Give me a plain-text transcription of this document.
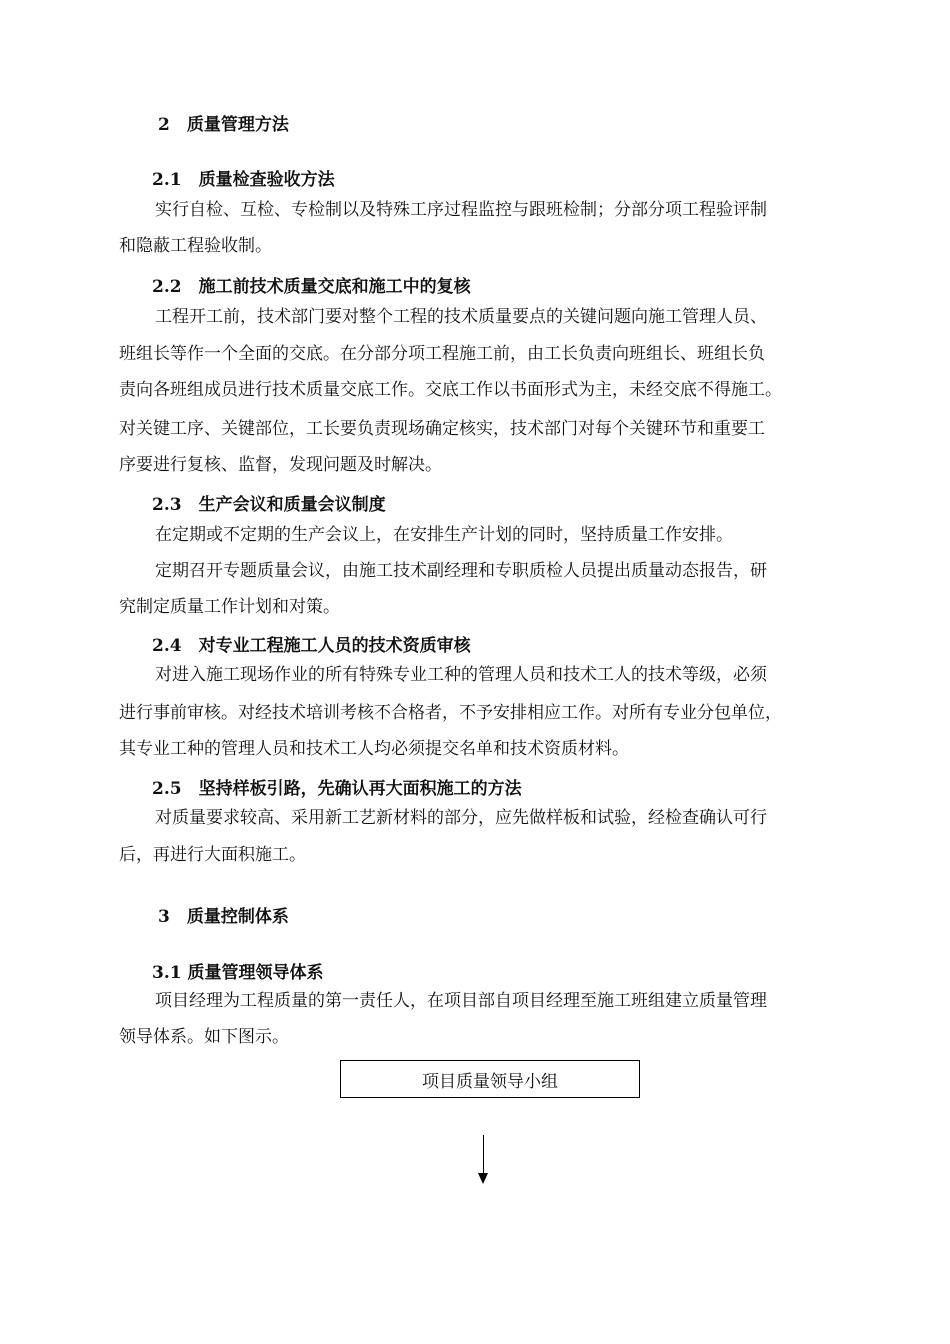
2　质量管理方法
2.1　质量检查验收方法
实行自检、互检、专检制以及特殊工序过程监控与跟班检制；分部分项工程验评制
和隐蔽工程验收制。
2.2　施工前技术质量交底和施工中的复核
工程开工前，技术部门要对整个工程的技术质量要点的关键问题向施工管理人员、
班组长等作一个全面的交底。在分部分项工程施工前，由工长负责向班组长、班组长负
责向各班组成员进行技术质量交底工作。交底工作以书面形式为主，未经交底不得施工。
对关键工序、关键部位，工长要负责现场确定核实，技术部门对每个关键环节和重要工
序要进行复核、监督，发现问题及时解决。
2.3　生产会议和质量会议制度
在定期或不定期的生产会议上，在安排生产计划的同时，坚持质量工作安排。
定期召开专题质量会议，由施工技术副经理和专职质检人员提出质量动态报告，研
究制定质量工作计划和对策。
2.4　对专业工程施工人员的技术资质审核
对进入施工现场作业的所有特殊专业工种的管理人员和技术工人的技术等级，必须
进行事前审核。对经技术培训考核不合格者，不予安排相应工作。对所有专业分包单位，
其专业工种的管理人员和技术工人均必须提交名单和技术资质材料。
2.5　坚持样板引路，先确认再大面积施工的方法
对质量要求较高、采用新工艺新材料的部分，应先做样板和试验，经检查确认可行
后，再进行大面积施工。
3　质量控制体系
3.1 质量管理领导体系
项目经理为工程质量的第一责任人，在项目部自项目经理至施工班组建立质量管理
领导体系。如下图示。
项目质量领导小组
